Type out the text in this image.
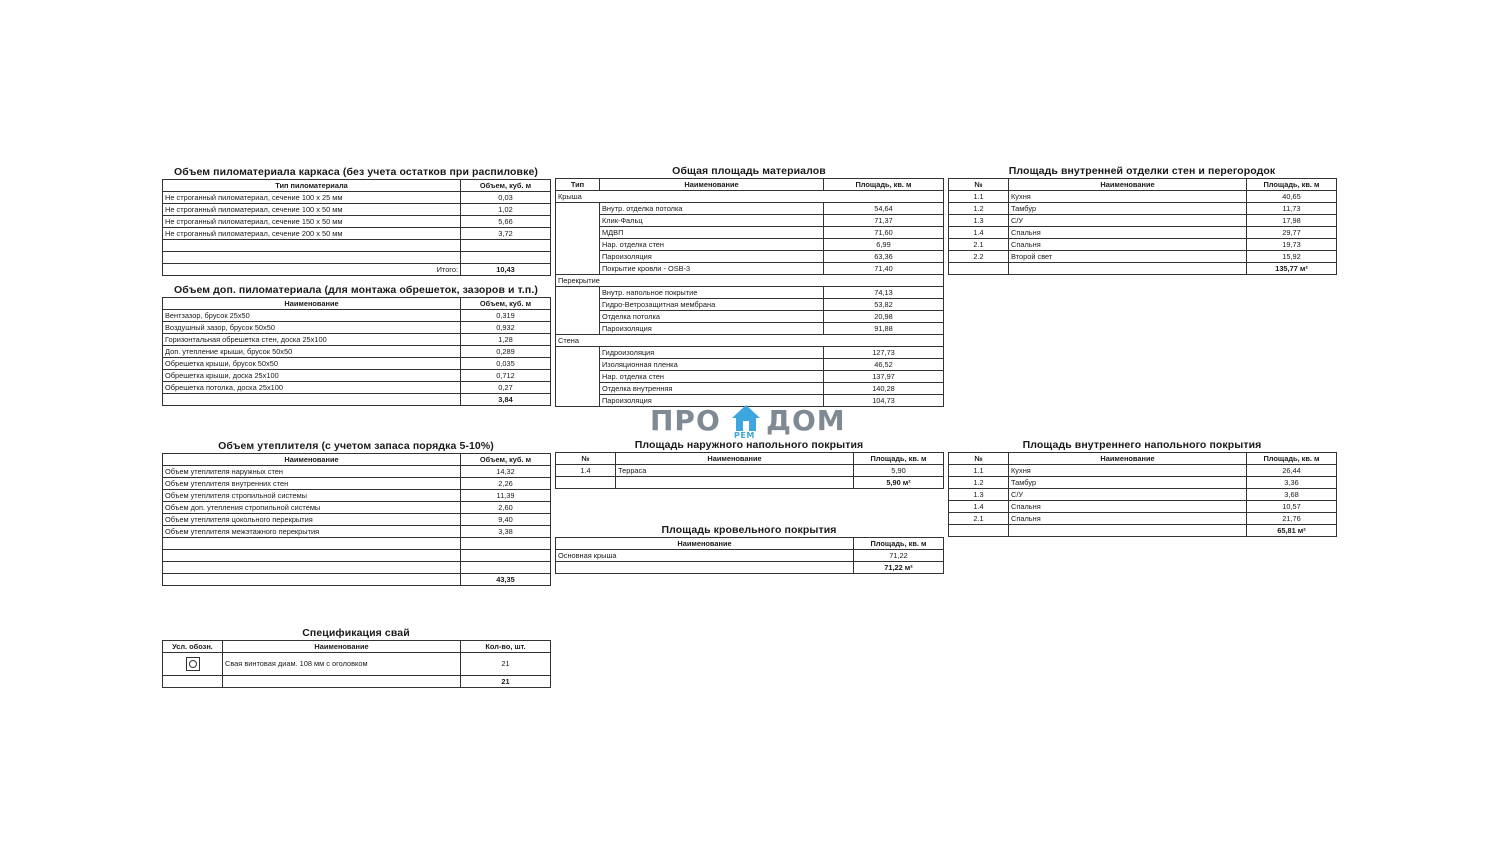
Объем пиломатериала каркаса (без учета остатков при распиловке)
Тип пиломатериала	Объем, куб. м
Не строганный пиломатериал, сечение 100 x 25 мм	0,03
Не строганный пиломатериал, сечение 100 x 50 мм	1,02
Не строганный пиломатериал, сечение 150 x 50 мм	5,66
Не строганный пиломатериал, сечение 200 x 50 мм	3,72

Итого:	10,43
Объем доп. пиломатериала (для монтажа обрешеток, зазоров и т.п.)
Наименование	Объем, куб. м
Вентзазор, брусок 25x50	0,319
Воздушный зазор, брусок 50x50	0,932
Горизонтальная обрешетка стен, доска 25x100	1,28
Доп. утепление крыши, брусок 50x50	0,289
Обрешетка крыши, брусок 50x50	0,035
Обрешетка крыши, доска 25x100	0,712
Обрешетка потолка, доска 25x100	0,27
	3,84
Общая площадь материалов
Тип	Наименование	Площадь, кв. м
Крыша		
	Внутр. отделка потолка	54,64
	Клик-Фальц	71,37
	МДВП	71,60
	Нар. отделка стен	6,99
	Пароизоляция	63,36
	Покрытие кровли - OSB-3	71,40
Перекрытие		
	Внутр. напольное покрытие	74,13
	Гидро-Ветрозащитная мембрана	53,82
	Отделка потолка	20,98
	Пароизоляция	91,88
Стена		
	Гидроизоляция	127,73
	Изоляционная пленка	46,52
	Нар. отделка стен	137,97
	Отделка внутренняя	140,28
	Пароизоляция	104,73
Площадь внутренней отделки стен и перегородок
№	Наименование	Площадь, кв. м
1.1	Кухня	40,65
1.2	Тамбур	11,73
1.3	С/У	17,98
1.4	Спальня	29,77
2.1	Спальня	19,73
2.2	Второй свет	15,92
		135,77 м²
ПРО ДОМ
РЕМ
Объем утеплителя (с учетом запаса порядка 5-10%)
Наименование	Объем, куб. м
Объем утеплителя наружных стен	14,32
Объем утеплителя внутренних стен	2,26
Объем утеплителя стропильной системы	11,39
Объем доп. утепления стропильной системы	2,60
Объем утеплителя цокольного перекрытия	9,40
Объем утеплителя межэтажного перекрытия	3,38

	43,35
Площадь наружного напольного покрытия
№	Наименование	Площадь, кв. м
1.4	Терраса	5,90
		5,90 м²
Площадь кровельного покрытия
Наименование	Площадь, кв. м
Основная крыша	71,22
	71,22 м²
Площадь внутреннего напольного покрытия
№	Наименование	Площадь, кв. м
1.1	Кухня	26,44
1.2	Тамбур	3,36
1.3	С/У	3,68
1.4	Спальня	10,57
2.1	Спальня	21,76
		65,81 м²
Спецификация свай
Усл. обозн.	Наименование	Кол-во, шт.
	Свая винтовая диам. 108 мм с оголовком	21
		21
